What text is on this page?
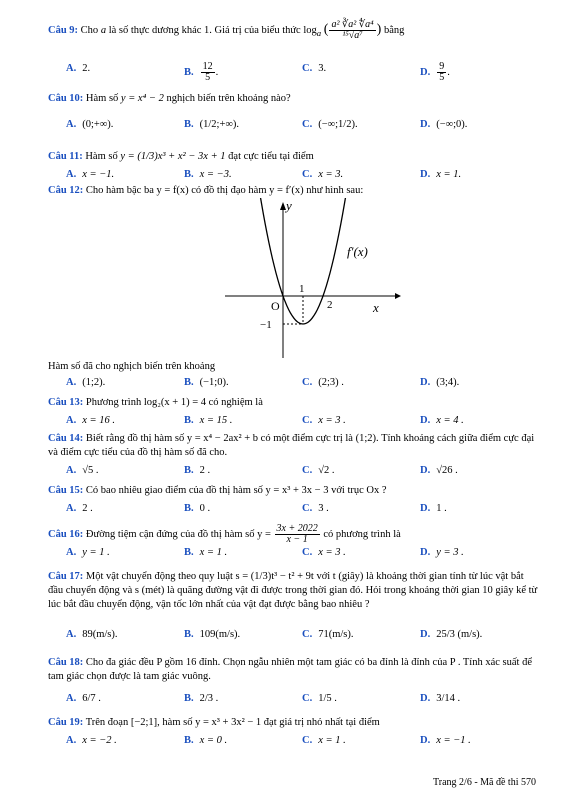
Câu 9: Cho a là số thực dương khác 1. Giá trị của biểu thức $\log_a$ ( $\frac{\text{a² ∛a² ∜a⁴}}{\text{¹⁵√a⁷}}$ ) bằng
A. 2.	B. $\frac{12}{5}$ .	C. 3.	D. $\frac{9}{5}$ .
Câu 10: Hàm số y = x⁴ − 2 nghịch biến trên khoảng nào?
A. (0;+∞).	B. (1/2;+∞).	C. (−∞;1/2).	D. (−∞;0).
Câu 11: Hàm số y = (1/3)x³ + x² − 3x + 1 đạt cực tiểu tại điểm
A. x = −1.	B. x = −3.	C. x = 3.	D. x = 1.
Câu 12: Cho hàm bậc ba y = f(x) có đồ thị đạo hàm y = f′(x) như hình sau:
y
x
O
1
2
−1
f′(x)
Hàm số đã cho nghịch biến trên khoảng
A. (1;2).	B. (−1;0).	C. (2;3) .	D. (3;4).
Câu 13: Phương trình log₂(x + 1) = 4 có nghiệm là
A. x = 16 .	B. x = 15 .	C. x = 3 .	D. x = 4 .
Câu 14: Biết rằng đồ thị hàm số y = x⁴ − 2ax² + b có một điểm cực trị là (1;2). Tính khoảng cách giữa điểm cực đại và điểm cực tiểu của đồ thị hàm số đã cho.
A. √5 .	B. 2 .	C. √2 .	D. √26 .
Câu 15: Có bao nhiêu giao điểm của đồ thị hàm số y = x³ + 3x − 3 với trục Ox ?
A. 2 .	B. 0 .	C. 3 .	D. 1 .
Câu 16: Đường tiệm cận đứng của đồ thị hàm số $y = \frac{3x + 2022}{x - 1}$ có phương trình là
A. y = 1 .	B. x = 1 .	C. x = 3 .	D. y = 3 .
Câu 17: Một vật chuyển động theo quy luật s = (1/3)t³ − t² + 9t với t (giây) là khoảng thời gian tính từ lúc vật bắt đầu chuyển động và s (mét) là quãng đường vật đi được trong thời gian đó. Hỏi trong khoảng thời gian 10 giây kể từ lúc bắt đầu chuyển động, vận tốc lớn nhất của vật đạt được bằng bao nhiêu ?
A. 89(m/s).	B. 109(m/s).	C. 71(m/s).	D. 25/3 (m/s).
Câu 18: Cho đa giác đều P gồm 16 đỉnh. Chọn ngẫu nhiên một tam giác có ba đỉnh là đỉnh của P . Tính xác suất để tam giác chọn được là tam giác vuông.
A. 6/7 .	B. 2/3 .	C. 1/5 .	D. 3/14 .
Câu 19: Trên đoạn [−2;1], hàm số y = x³ + 3x² − 1 đạt giá trị nhỏ nhất tại điểm
A. x = −2 .	B. x = 0 .	C. x = 1 .	D. x = −1 .
Trang 2/6 - Mã đề thi 570
